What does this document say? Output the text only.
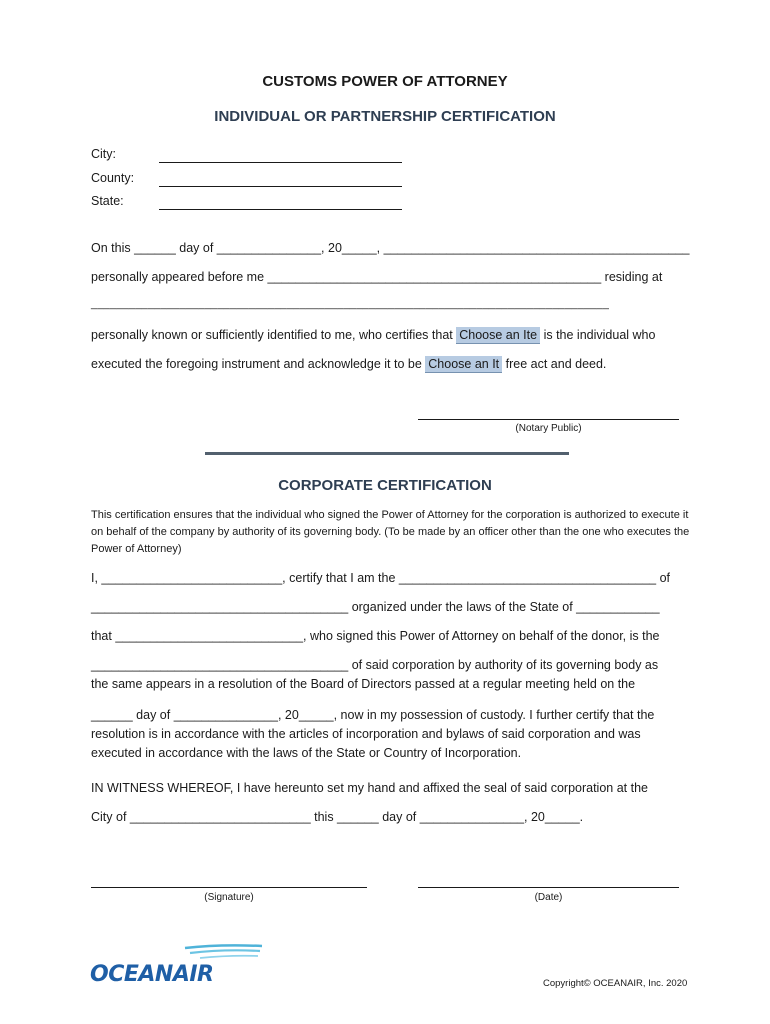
CUSTOMS POWER OF ATTORNEY
INDIVIDUAL OR PARTNERSHIP CERTIFICATION
City:
County:
State:
On this ______ day of _______________, 20_____, ____________________________________________
personally appeared before me ________________________________________________ residing at
__________________________________________________________________________________
personally known or sufficiently identified to me, who certifies that Choose an Ite is the individual who
executed the foregoing instrument and acknowledge it to be Choose an It free act and deed.
(Notary Public)
CORPORATE CERTIFICATION
This certification ensures that the individual who signed the Power of Attorney for the corporation is authorized to execute it on behalf of the company by authority of its governing body. (To be made by an officer other than the one who executes the Power of Attorney)
I, __________________________, certify that I am the _____________________________________ of
_____________________________________ organized under the laws of the State of ____________
that ___________________________, who signed this Power of Attorney on behalf of the donor, is the
_____________________________________ of said corporation by authority of its governing body as
the same appears in a resolution of the Board of Directors passed at a regular meeting held on the
______ day of _______________, 20_____, now in my possession of custody. I further certify that the resolution is in accordance with the articles of incorporation and bylaws of said corporation and was executed in accordance with the laws of the State or Country of Incorporation.
IN WITNESS WHEREOF, I have hereunto set my hand and affixed the seal of said corporation at the
City of __________________________ this ______ day of _______________, 20_____.
(Signature)	(Date)
OCEANAIR	Copyright© OCEANAIR, Inc. 2020
